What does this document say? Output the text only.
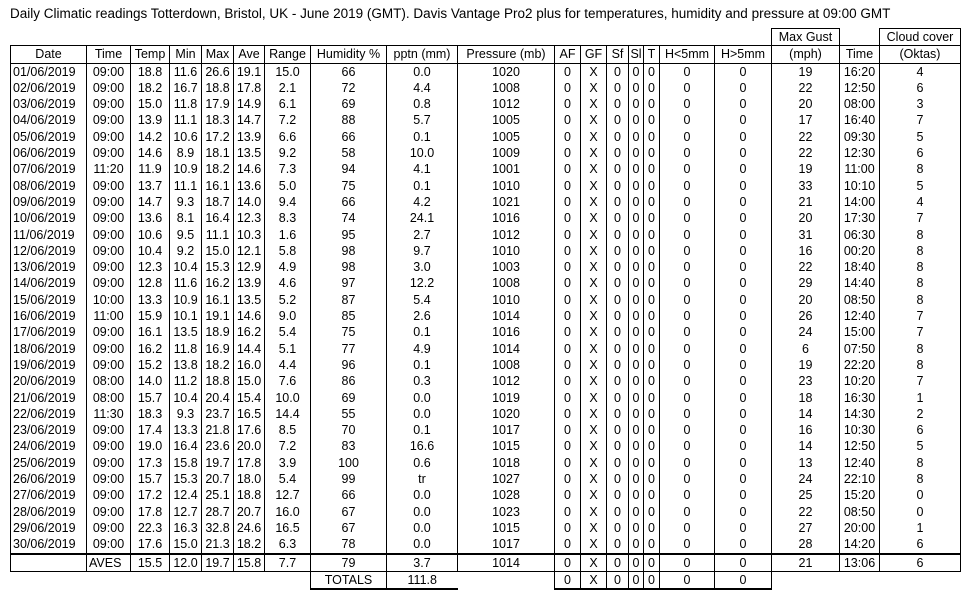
Daily Climatic readings Totterdown, Bristol, UK - June 2019 (GMT). Davis Vantage Pro2 plus for temperatures, humidity and pressure at 09:00 GMT
																	Max Gust		Cloud cover
Date	Time	Temp	Min	Max	Ave	Range	Humidity %	pptn (mm)	Pressure (mb)	AF	GF	Sf	Sl	T	H<5mm	H>5mm	(mph)	Time	(Oktas)
01/06/2019	09:00	18.8	11.6	26.6	19.1	15.0	66	0.0	1020	0	X	0	0	0	0	0	19	16:20	4
02/06/2019	09:00	18.2	16.7	18.8	17.8	2.1	72	4.4	1008	0	X	0	0	0	0	0	22	12:50	6
03/06/2019	09:00	15.0	11.8	17.9	14.9	6.1	69	0.8	1012	0	X	0	0	0	0	0	20	08:00	3
04/06/2019	09:00	13.9	11.1	18.3	14.7	7.2	88	5.7	1005	0	X	0	0	0	0	0	17	16:40	7
05/06/2019	09:00	14.2	10.6	17.2	13.9	6.6	66	0.1	1005	0	X	0	0	0	0	0	22	09:30	5
06/06/2019	09:00	14.6	8.9	18.1	13.5	9.2	58	10.0	1009	0	X	0	0	0	0	0	22	12:30	6
07/06/2019	11:20	11.9	10.9	18.2	14.6	7.3	94	4.1	1001	0	X	0	0	0	0	0	19	11:00	8
08/06/2019	09:00	13.7	11.1	16.1	13.6	5.0	75	0.1	1010	0	X	0	0	0	0	0	33	10:10	5
09/06/2019	09:00	14.7	9.3	18.7	14.0	9.4	66	4.2	1021	0	X	0	0	0	0	0	21	14:00	4
10/06/2019	09:00	13.6	8.1	16.4	12.3	8.3	74	24.1	1016	0	X	0	0	0	0	0	20	17:30	7
11/06/2019	09:00	10.6	9.5	11.1	10.3	1.6	95	2.7	1012	0	X	0	0	0	0	0	31	06:30	8
12/06/2019	09:00	10.4	9.2	15.0	12.1	5.8	98	9.7	1010	0	X	0	0	0	0	0	16	00:20	8
13/06/2019	09:00	12.3	10.4	15.3	12.9	4.9	98	3.0	1003	0	X	0	0	0	0	0	22	18:40	8
14/06/2019	09:00	12.8	11.6	16.2	13.9	4.6	97	12.2	1008	0	X	0	0	0	0	0	29	14:40	8
15/06/2019	10:00	13.3	10.9	16.1	13.5	5.2	87	5.4	1010	0	X	0	0	0	0	0	20	08:50	8
16/06/2019	11:00	15.9	10.1	19.1	14.6	9.0	85	2.6	1014	0	X	0	0	0	0	0	26	12:40	7
17/06/2019	09:00	16.1	13.5	18.9	16.2	5.4	75	0.1	1016	0	X	0	0	0	0	0	24	15:00	7
18/06/2019	09:00	16.2	11.8	16.9	14.4	5.1	77	4.9	1014	0	X	0	0	0	0	0	6	07:50	8
19/06/2019	09:00	15.2	13.8	18.2	16.0	4.4	96	0.1	1008	0	X	0	0	0	0	0	19	22:20	8
20/06/2019	08:00	14.0	11.2	18.8	15.0	7.6	86	0.3	1012	0	X	0	0	0	0	0	23	10:20	7
21/06/2019	08:00	15.7	10.4	20.4	15.4	10.0	69	0.0	1019	0	X	0	0	0	0	0	18	16:30	1
22/06/2019	11:30	18.3	9.3	23.7	16.5	14.4	55	0.0	1020	0	X	0	0	0	0	0	14	14:30	2
23/06/2019	09:00	17.4	13.3	21.8	17.6	8.5	70	0.1	1017	0	X	0	0	0	0	0	16	10:30	6
24/06/2019	09:00	19.0	16.4	23.6	20.0	7.2	83	16.6	1015	0	X	0	0	0	0	0	14	12:50	5
25/06/2019	09:00	17.3	15.8	19.7	17.8	3.9	100	0.6	1018	0	X	0	0	0	0	0	13	12:40	8
26/06/2019	09:00	15.7	15.3	20.7	18.0	5.4	99	tr	1027	0	X	0	0	0	0	0	24	22:10	8
27/06/2019	09:00	17.2	12.4	25.1	18.8	12.7	66	0.0	1028	0	X	0	0	0	0	0	25	15:20	0
28/06/2019	09:00	17.8	12.7	28.7	20.7	16.0	67	0.0	1023	0	X	0	0	0	0	0	22	08:50	0
29/06/2019	09:00	22.3	16.3	32.8	24.6	16.5	67	0.0	1015	0	X	0	0	0	0	0	27	20:00	1
30/06/2019	09:00	17.6	15.0	21.3	18.2	6.3	78	0.0	1017	0	X	0	0	0	0	0	28	14:20	6
	AVES	15.5	12.0	19.7	15.8	7.7	79	3.7	1014	0	X	0	0	0	0	0	21	13:06	6
							TOTALS	111.8		0	X	0	0	0	0	0			
